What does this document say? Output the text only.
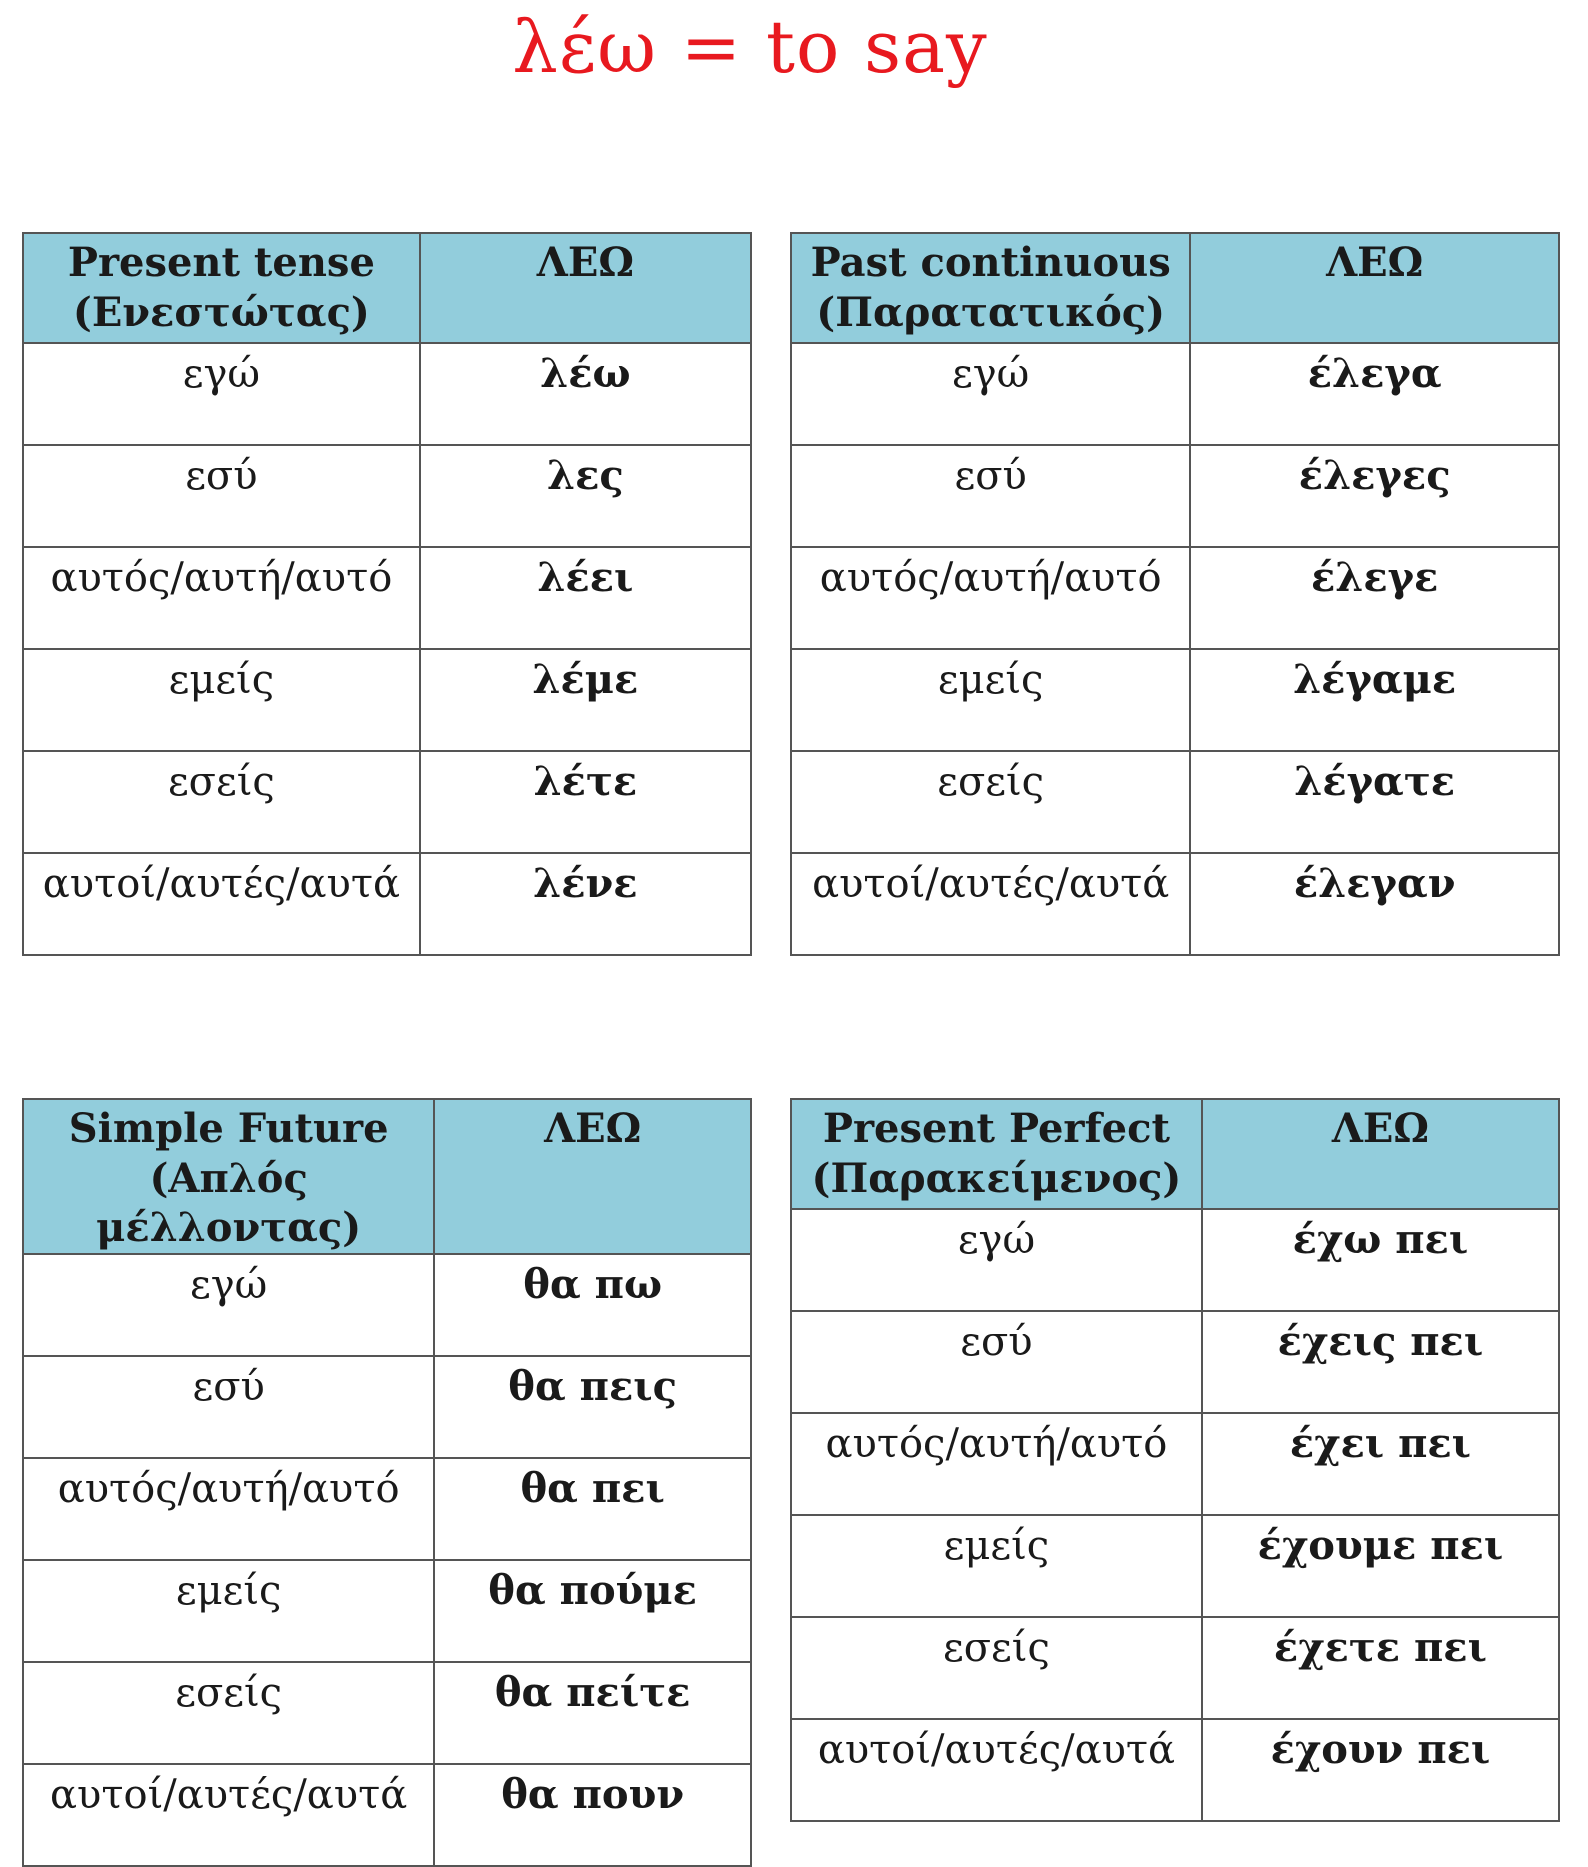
λέω = to say
Present tense
(Ενεστώτας)	ΛΕΩ
εγώ	λέω
εσύ	λες
αυτός/αυτή/αυτό	λέει
εμείς	λέμε
εσείς	λέτε
αυτοί/αυτές/αυτά	λένε
Past continuous
(Παρατατικός)	ΛΕΩ
εγώ	έλεγα
εσύ	έλεγες
αυτός/αυτή/αυτό	έλεγε
εμείς	λέγαμε
εσείς	λέγατε
αυτοί/αυτές/αυτά	έλεγαν
Simple Future
(Απλός μέλλοντας)	ΛΕΩ
εγώ	θα πω
εσύ	θα πεις
αυτός/αυτή/αυτό	θα πει
εμείς	θα πούμε
εσείς	θα πείτε
αυτοί/αυτές/αυτά	θα πουν
Present Perfect
(Παρακείμενος)	ΛΕΩ
εγώ	έχω πει
εσύ	έχεις πει
αυτός/αυτή/αυτό	έχει πει
εμείς	έχουμε πει
εσείς	έχετε πει
αυτοί/αυτές/αυτά	έχουν πει
